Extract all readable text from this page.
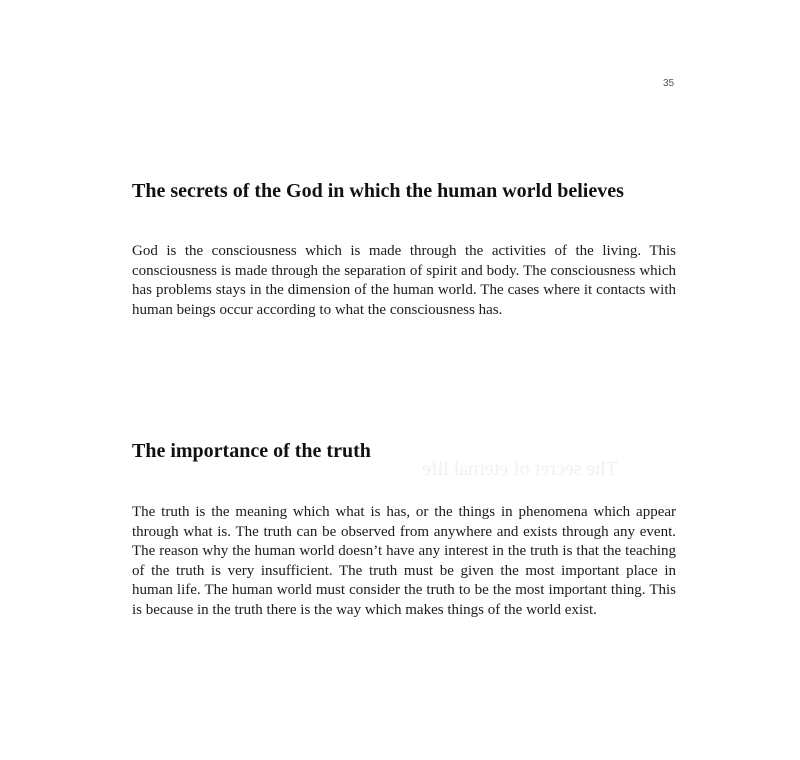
35
The secret of eternal life
The secrets of the God in which the human world believes

God is the consciousness which is made through the activities of the living. This consciousness is made through the separation of spirit and body. The consciousness which has problems stays in the dimension of the human world. The cases where it contacts with human beings occur according to what the consciousness has.

The importance of the truth

The truth is the meaning which what is has, or the things in phenomena which appear through what is. The truth can be observed from anywhere and exists through any event. The reason why the human world doesn’t have any interest in the truth is that the teaching of the truth is very insufficient. The truth must be given the most important place in human life. The human world must consider the truth to be the most important thing. This is because in the truth there is the way which makes things of the world exist.
